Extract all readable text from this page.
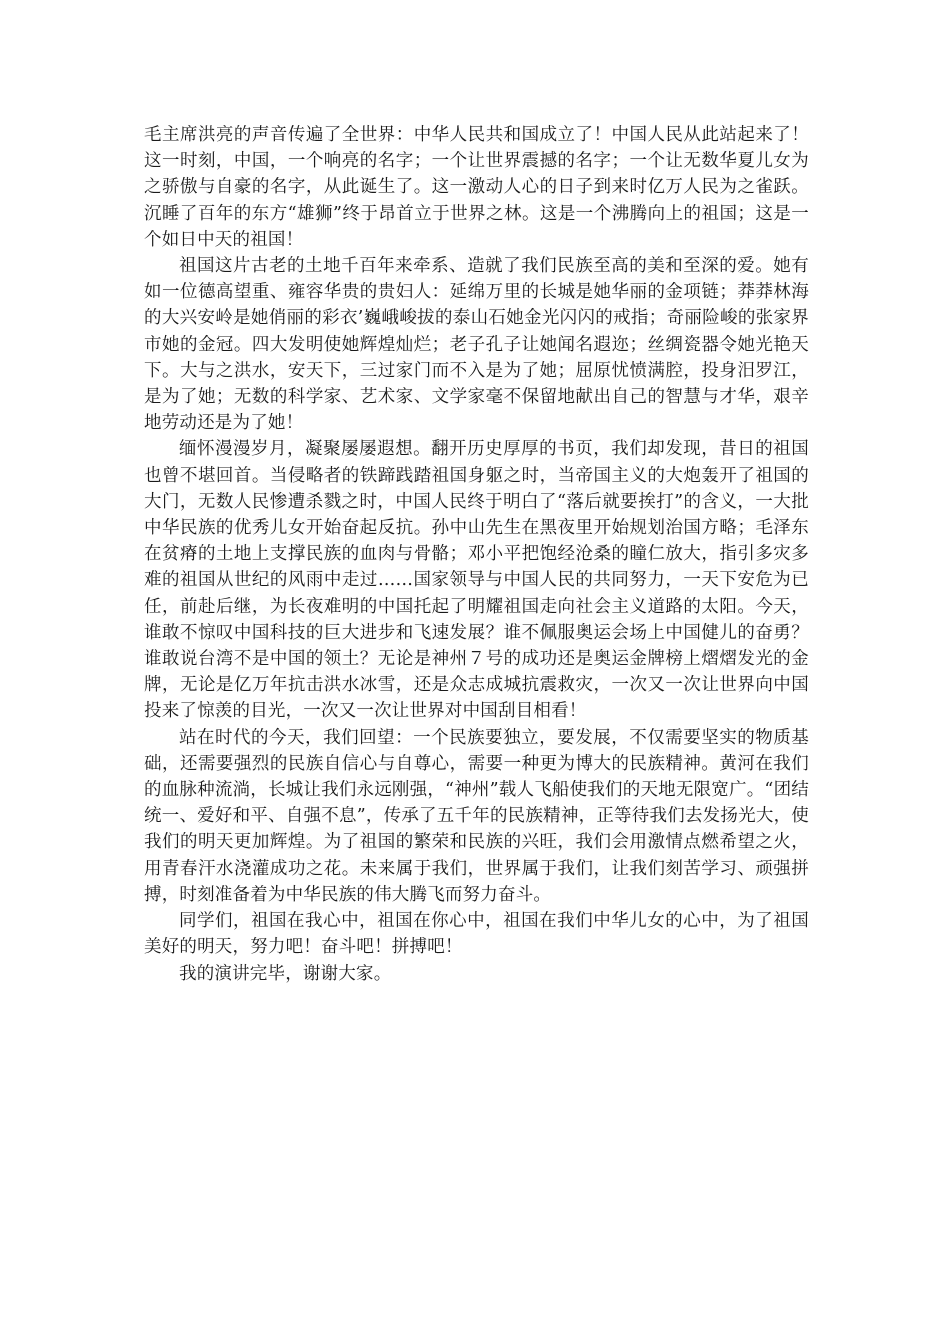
毛主席洪亮的声音传遍了全世界：中华人民共和国成立了！中国人民从此站起来了！这一时刻，中国，一个响亮的名字；一个让世界震撼的名字；一个让无数华夏儿女为之骄傲与自豪的名字，从此诞生了。这一激动人心的日子到来时亿万人民为之雀跃。沉睡了百年的东方“雄狮”终于昂首立于世界之林。这是一个沸腾向上的祖国；这是一个如日中天的祖国！

祖国这片古老的土地千百年来牵系、造就了我们民族至高的美和至深的爱。她有如一位德高望重、雍容华贵的贵妇人：延绵万里的长城是她华丽的金项链；莽莽林海的大兴安岭是她俏丽的彩衣’巍峨峻拔的泰山石她金光闪闪的戒指；奇丽险峻的张家界市她的金冠。四大发明使她辉煌灿烂；老子孔子让她闻名遐迩；丝绸瓷器令她光艳天下。大与之洪水，安天下，三过家门而不入是为了她；屈原忧愤满腔，投身汨罗江，是为了她；无数的科学家、艺术家、文学家毫不保留地献出自己的智慧与才华，艰辛地劳动还是为了她！

缅怀漫漫岁月，凝聚屡屡遐想。翻开历史厚厚的书页，我们却发现，昔日的祖国也曾不堪回首。当侵略者的铁蹄践踏祖国身躯之时，当帝国主义的大炮轰开了祖国的大门，无数人民惨遭杀戮之时，中国人民终于明白了“落后就要挨打”的含义，一大批中华民族的优秀儿女开始奋起反抗。孙中山先生在黑夜里开始规划治国方略；毛泽东在贫瘠的土地上支撑民族的血肉与骨骼；邓小平把饱经沧桑的瞳仁放大，指引多灾多难的祖国从世纪的风雨中走过……国家领导与中国人民的共同努力，一天下安危为已任，前赴后继，为长夜难明的中国托起了明耀祖国走向社会主义道路的太阳。今天，谁敢不惊叹中国科技的巨大进步和飞速发展？谁不佩服奥运会场上中国健儿的奋勇？谁敢说台湾不是中国的领土？无论是神州７号的成功还是奥运金牌榜上熠熠发光的金牌，无论是亿万年抗击洪水冰雪，还是众志成城抗震救灾，一次又一次让世界向中国投来了惊羡的目光，一次又一次让世界对中国刮目相看！

站在时代的今天，我们回望：一个民族要独立，要发展，不仅需要坚实的物质基础，还需要强烈的民族自信心与自尊心，需要一种更为博大的民族精神。黄河在我们的血脉种流淌，长城让我们永远刚强，“神州”载人飞船使我们的天地无限宽广。“团结统一、爱好和平、自强不息”，传承了五千年的民族精神，正等待我们去发扬光大，使我们的明天更加辉煌。为了祖国的繁荣和民族的兴旺，我们会用激情点燃希望之火，用青春汗水浇灌成功之花。未来属于我们，世界属于我们，让我们刻苦学习、顽强拼搏，时刻准备着为中华民族的伟大腾飞而努力奋斗。

同学们，祖国在我心中，祖国在你心中，祖国在我们中华儿女的心中，为了祖国美好的明天，努力吧！奋斗吧！拼搏吧！

我的演讲完毕，谢谢大家。
